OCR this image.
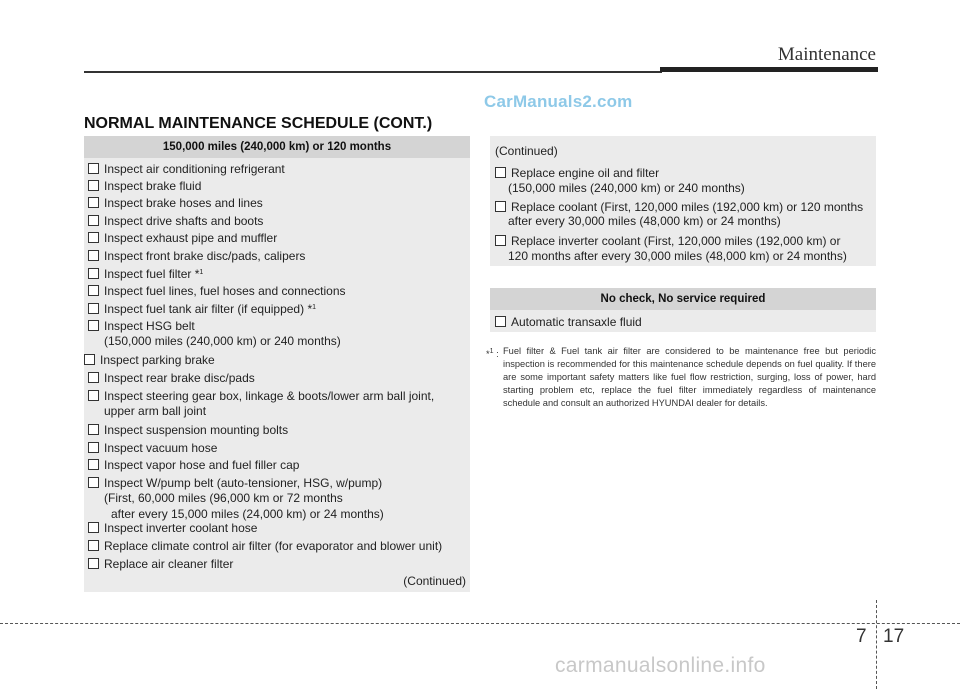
Maintenance
CarManuals2.com
NORMAL MAINTENANCE SCHEDULE (CONT.)
150,000 miles (240,000 km) or 120 months
Inspect air conditioning refrigerant
Inspect brake fluid
Inspect brake hoses and lines
Inspect drive shafts and boots
Inspect exhaust pipe and muffler
Inspect front brake disc/pads, calipers
Inspect fuel filter *$^1$
Inspect fuel lines, fuel hoses and connections
Inspect fuel tank air filter (if equipped) *$^1$
Inspect HSG belt
(150,000 miles (240,000 km) or 240 months)
Inspect parking brake
Inspect rear brake disc/pads
Inspect steering gear box, linkage & boots/lower arm ball joint,
upper arm ball joint
Inspect suspension mounting bolts
Inspect vacuum hose
Inspect vapor hose and fuel filler cap
Inspect W/pump belt (auto-tensioner, HSG, w/pump)
(First, 60,000 miles (96,000 km or 72 months
after every 15,000 miles (24,000 km) or 24 months)
Inspect inverter coolant hose
Replace climate control air filter (for evaporator and blower unit)
Replace air cleaner filter
(Continued)
(Continued)
Replace engine oil and filter
(150,000 miles (240,000 km) or 240 months)
Replace coolant (First, 120,000 miles (192,000 km) or 120 months
after every 30,000 miles (48,000 km) or 24 months)
Replace inverter coolant (First, 120,000 miles (192,000 km) or
120 months after every 30,000 miles (48,000 km) or 24 months)
No check, No service required
Automatic transaxle fluid
*$^1$ : Fuel filter & Fuel tank air filter are considered to be maintenance free but periodic inspection is recommended for this maintenance schedule depends on fuel quality. If there are some important safety matters like fuel flow restriction, surging, loss of power, hard starting problem etc, replace the fuel filter immediately regardless of maintenance schedule and consult an authorized HYUNDAI dealer for details.
7 17
carmanualsonline.info
